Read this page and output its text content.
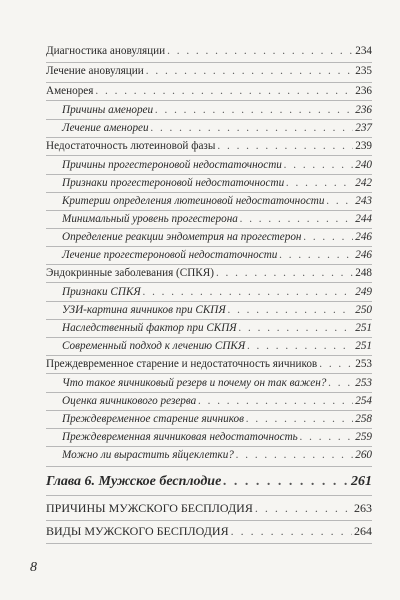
Диагностика ановуляции . . .	234
Лечение ановуляции . . .	235
Аменорея . . .	236
Причины аменореи . . .	236
Лечение аменореи . . .	237
Недостаточность лютеиновой фазы . . .	239
Причины прогестероновой недостаточности . . .	240
Признаки прогестероновой недостаточности . . .	242
Критерии определения лютеиновой недостаточности . . .	243
Минимальный уровень прогестерона . . .	244
Определение реакции эндометрия на прогестерон . . .	246
Лечение прогестероновой недостаточности . . .	246
Эндокринные заболевания (СПКЯ) . . .	248
Признаки СПКЯ . . .	249
УЗИ-картина яичников при СКПЯ . . .	250
Наследственный фактор при СКПЯ . . .	251
Современный подход к лечению СПКЯ . . .	251
Преждевременное старение и недостаточность яичников . . .	253
Что такое яичниковый резерв и почему он так важен? . . .	253
Оценка яичникового резерва . . .	254
Преждевременное старение яичников . . .	258
Преждевременная яичниковая недостаточность . . .	259
Можно ли вырастить яйцеклетки? . . .	260
Глава 6. Мужское бесплодие . . .	261
ПРИЧИНЫ МУЖСКОГО БЕСПЛОДИЯ . . .	263
ВИДЫ МУЖСКОГО БЕСПЛОДИЯ . . .	264
8
